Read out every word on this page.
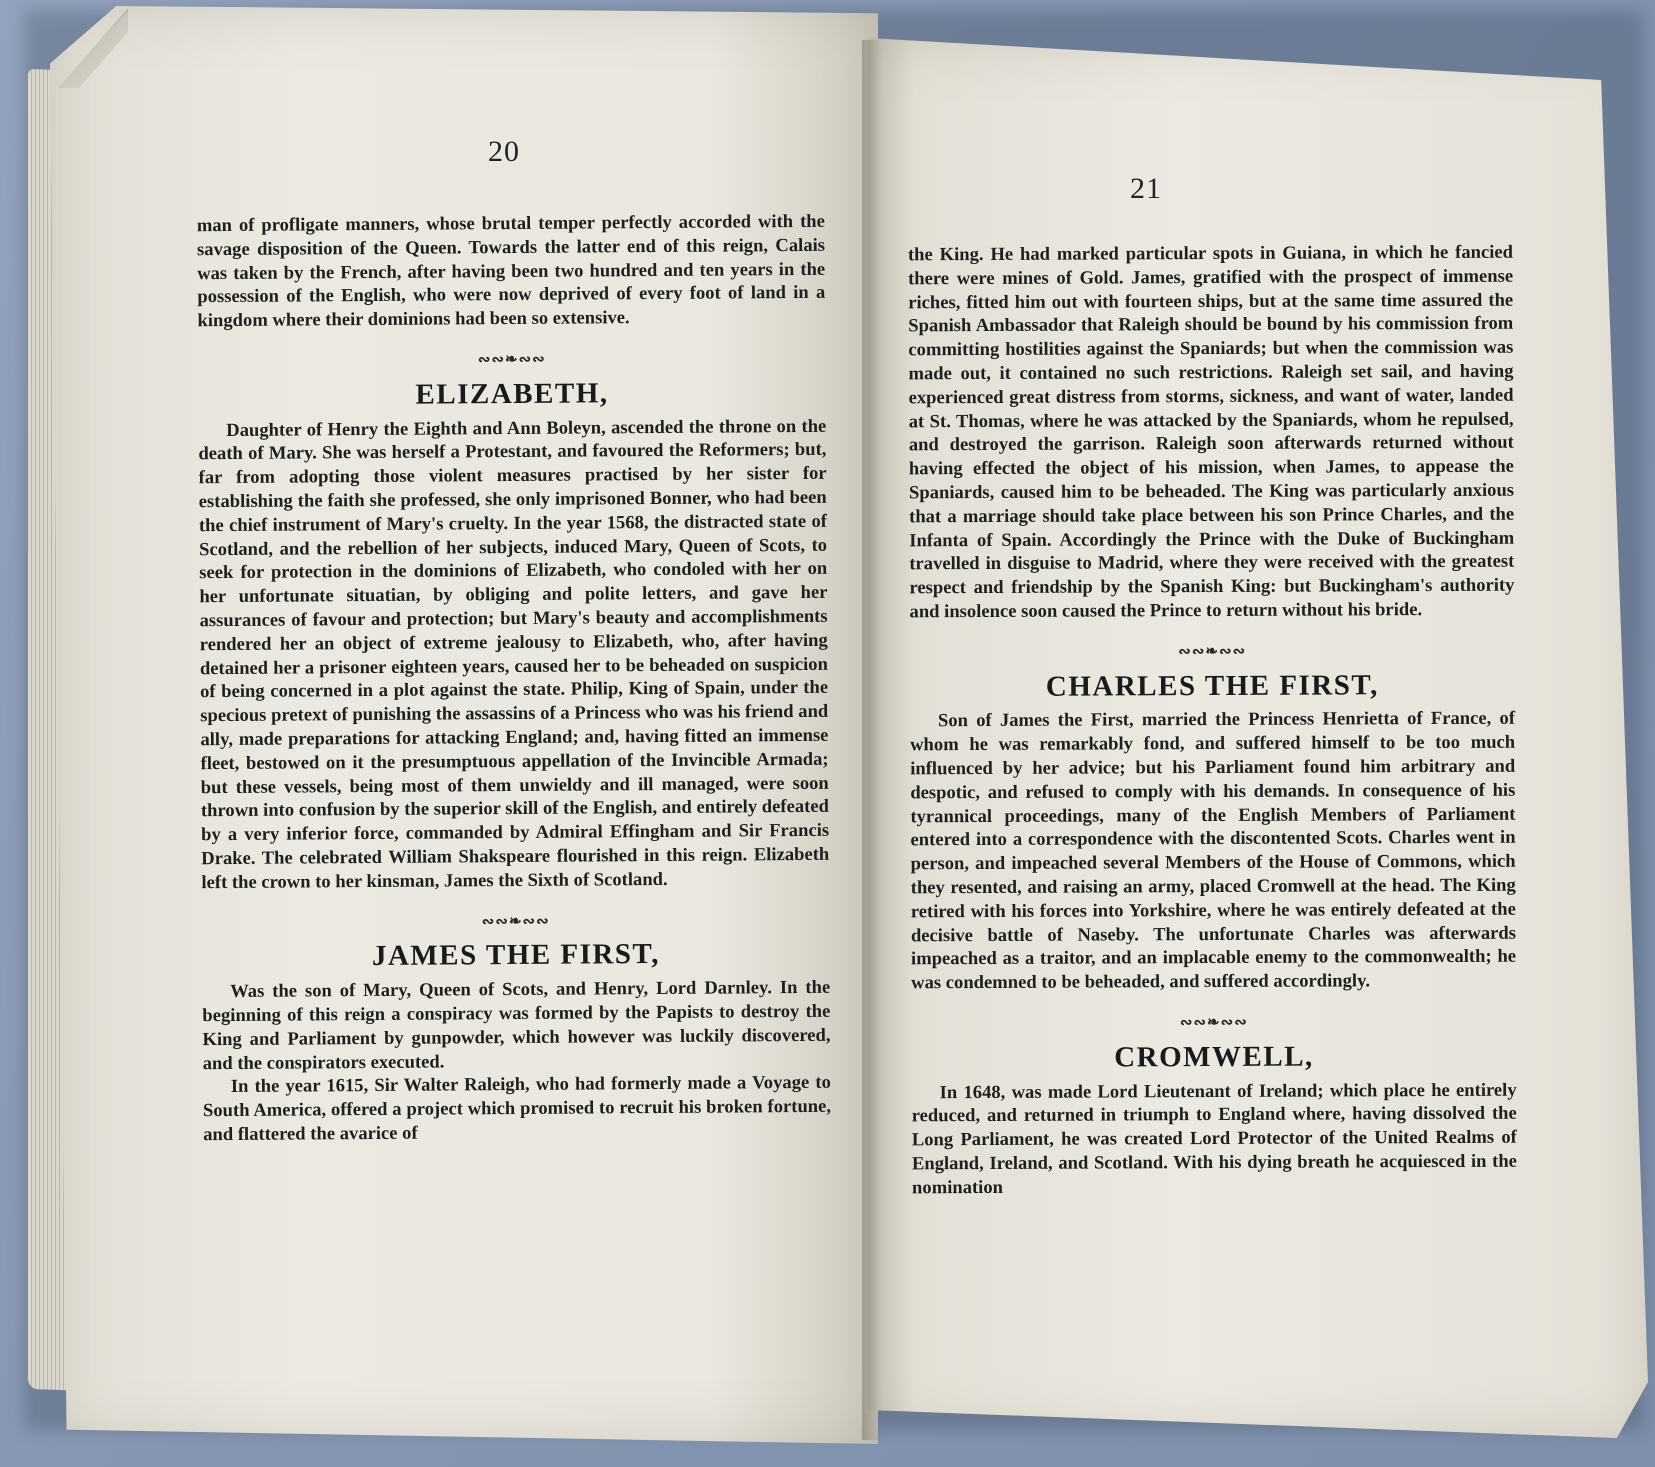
20
21

man of profligate manners, whose brutal temper perfectly accorded with the savage disposition of the Queen. Towards the latter end of this reign, Calais was taken by the French, after having been two hundred and ten years in the possession of the English, who were now deprived of every foot of land in a kingdom where their dominions had been so extensive.

∾∾❧∾∾
ELIZABETH,

Daughter of Henry the Eighth and Ann Boleyn, ascended the throne on the death of Mary. She was herself a Protestant, and favoured the Reformers; but, far from adopting those violent measures practised by her sister for establishing the faith she professed, she only imprisoned Bonner, who had been the chief instrument of Mary's cruelty. In the year 1568, the distracted state of Scotland, and the rebellion of her subjects, induced Mary, Queen of Scots, to seek for protection in the dominions of Elizabeth, who condoled with her on her unfortunate situatian, by obliging and polite letters, and gave her assurances of favour and protection; but Mary's beauty and accomplishments rendered her an object of extreme jealousy to Elizabeth, who, after having detained her a prisoner eighteen years, caused her to be beheaded on suspicion of being concerned in a plot against the state. Philip, King of Spain, under the specious pretext of punishing the assassins of a Princess who was his friend and ally, made preparations for attacking England; and, having fitted an immense fleet, bestowed on it the presumptuous appellation of the Invincible Armada; but these vessels, being most of them unwieldy and ill managed, were soon thrown into confusion by the superior skill of the English, and entirely defeated by a very inferior force, commanded by Admiral Effingham and Sir Francis Drake. The celebrated William Shakspeare flourished in this reign. Elizabeth left the crown to her kinsman, James the Sixth of Scotland.

∾∾❧∾∾
JAMES THE FIRST,

Was the son of Mary, Queen of Scots, and Henry, Lord Darnley. In the beginning of this reign a conspiracy was formed by the Papists to destroy the King and Parliament by gunpowder, which however was luckily discovered, and the conspirators executed.

In the year 1615, Sir Walter Raleigh, who had formerly made a Voyage to South America, offered a project which promised to recruit his broken fortune, and flattered the avarice of

the King. He had marked particular spots in Guiana, in which he fancied there were mines of Gold. James, gratified with the prospect of immense riches, fitted him out with fourteen ships, but at the same time assured the Spanish Ambassador that Raleigh should be bound by his commission from committing hostilities against the Spaniards; but when the commission was made out, it contained no such restrictions. Raleigh set sail, and having experienced great distress from storms, sickness, and want of water, landed at St. Thomas, where he was attacked by the Spaniards, whom he repulsed, and destroyed the garrison. Raleigh soon afterwards returned without having effected the object of his mission, when James, to appease the Spaniards, caused him to be beheaded. The King was particularly anxious that a marriage should take place between his son Prince Charles, and the Infanta of Spain. Accordingly the Prince with the Duke of Buckingham travelled in disguise to Madrid, where they were received with the greatest respect and friendship by the Spanish King: but Buckingham's authority and insolence soon caused the Prince to return without his bride.

∾∾❧∾∾
CHARLES THE FIRST,

Son of James the First, married the Princess Henrietta of France, of whom he was remarkably fond, and suffered himself to be too much influenced by her advice; but his Parliament found him arbitrary and despotic, and refused to comply with his demands. In consequence of his tyrannical proceedings, many of the English Members of Parliament entered into a correspondence with the discontented Scots. Charles went in person, and impeached several Members of the House of Commons, which they resented, and raising an army, placed Cromwell at the head. The King retired with his forces into Yorkshire, where he was entirely defeated at the decisive battle of Naseby. The unfortunate Charles was afterwards impeached as a traitor, and an implacable enemy to the commonwealth; he was condemned to be beheaded, and suffered accordingly.

∾∾❧∾∾
CROMWELL,

In 1648, was made Lord Lieutenant of Ireland; which place he entirely reduced, and returned in triumph to England where, having dissolved the Long Parliament, he was created Lord Protector of the United Realms of England, Ireland, and Scotland. With his dying breath he acquiesced in the nomination
